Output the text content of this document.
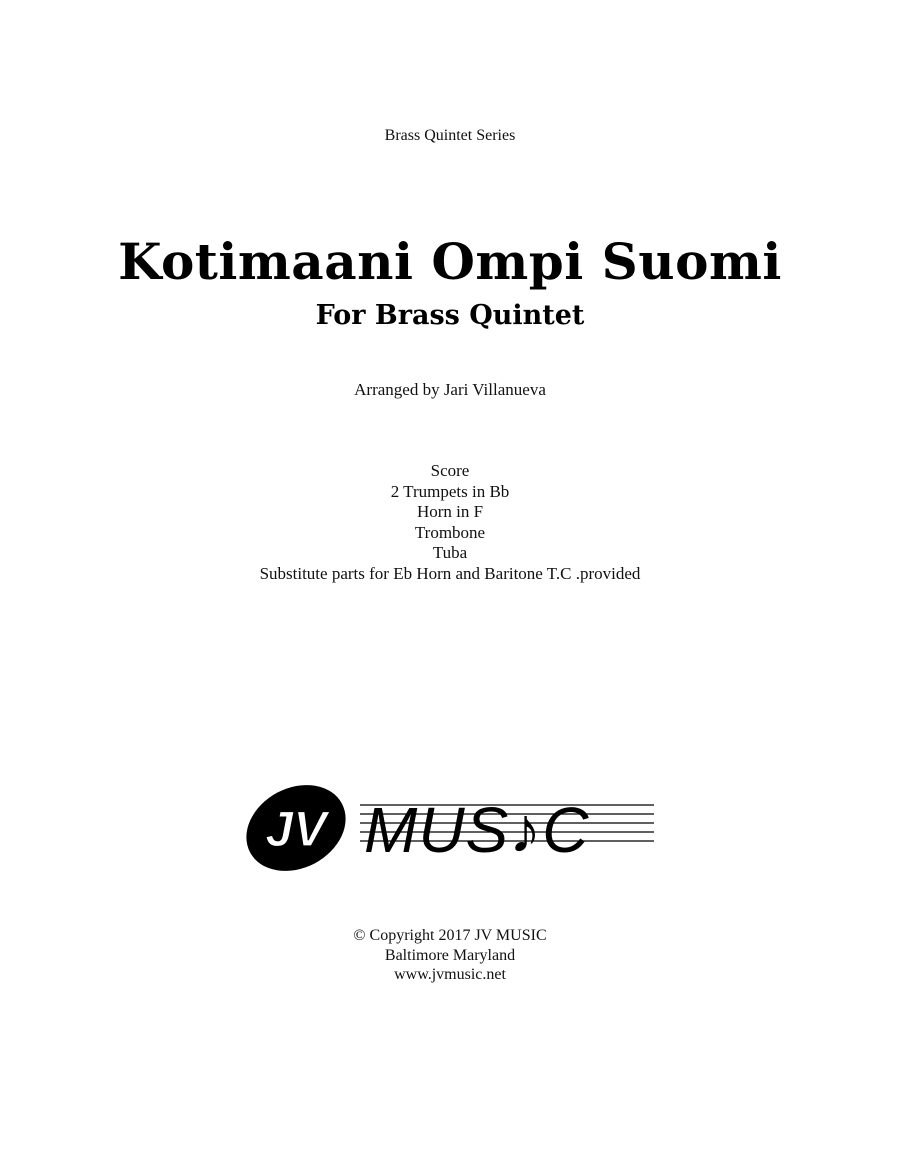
Brass Quintet Series
Kotimaani Ompi Suomi
For Brass Quintet
Arranged by Jari Villanueva
Score
2 Trumpets in Bb
Horn in F
Trombone
Tuba
Substitute parts for Eb Horn and Baritone T.C .provided
JV MUS♪C
© Copyright 2017 JV MUSIC
Baltimore Maryland
www.jvmusic.net
